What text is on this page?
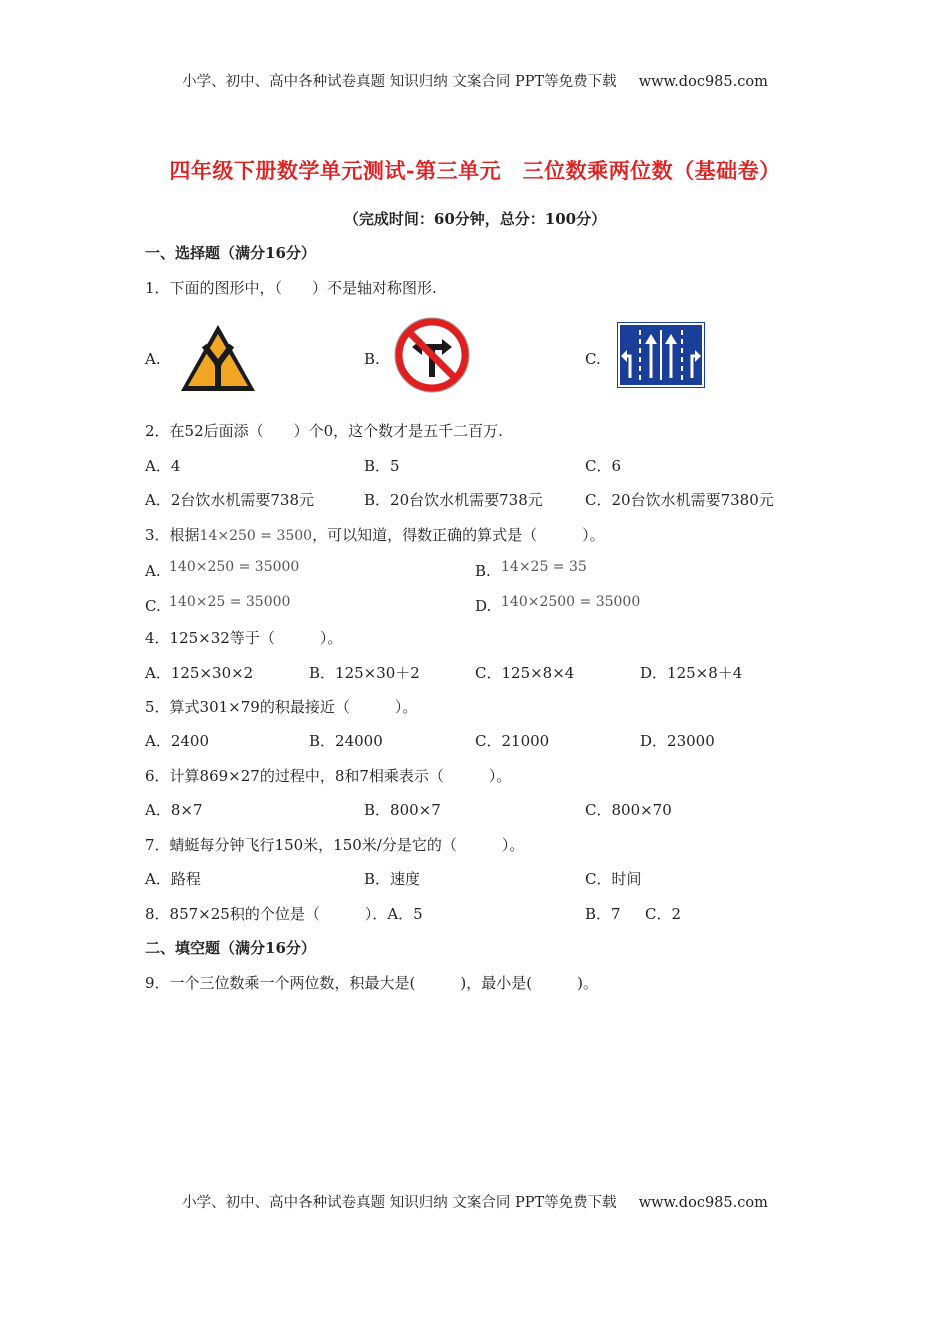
小学、初中、高中各种试卷真题 知识归纳 文案合同 PPT等免费下载 www.doc985.com
四年级下册数学单元测试-第三单元　三位数乘两位数（基础卷）
（完成时间：60分钟，总分：100分）
一、选择题（满分16分）
1．下面的图形中，（　　）不是轴对称图形.
A.	B.	C.
2．在52后面添（　　）个0，这个数才是五千二百万.
A．4	B．5	C．6
A．2台饮水机需要738元	B．20台饮水机需要738元	C．20台饮水机需要7380元
3．根据14×250 = 3500，可以知道，得数正确的算式是（　　　）。
A. 140×250 = 35000	B. 14×25 = 35
C. 140×25 = 35000	D. 140×2500 = 35000
4．125×32等于（　　　）。
A．125×30×2	B．125×30＋2	C．125×8×4	D．125×8＋4
5．算式301×79的积最接近（　　　）。
A．2400	B．24000	C．21000	D．23000
6．计算869×27的过程中，8和7相乘表示（　　　）。
A．8×7	B．800×7	C．800×70
7．蜻蜓每分钟飞行150米，150米/分是它的（　　　）。
A．路程	B．速度	C．时间
8．857×25积的个位是（　　　）．A．5	B．7 C．2
二、填空题（满分16分）
9．一个三位数乘一个两位数，积最大是(　　　)，最小是(　　　)。
小学、初中、高中各种试卷真题 知识归纳 文案合同 PPT等免费下载 www.doc985.com
